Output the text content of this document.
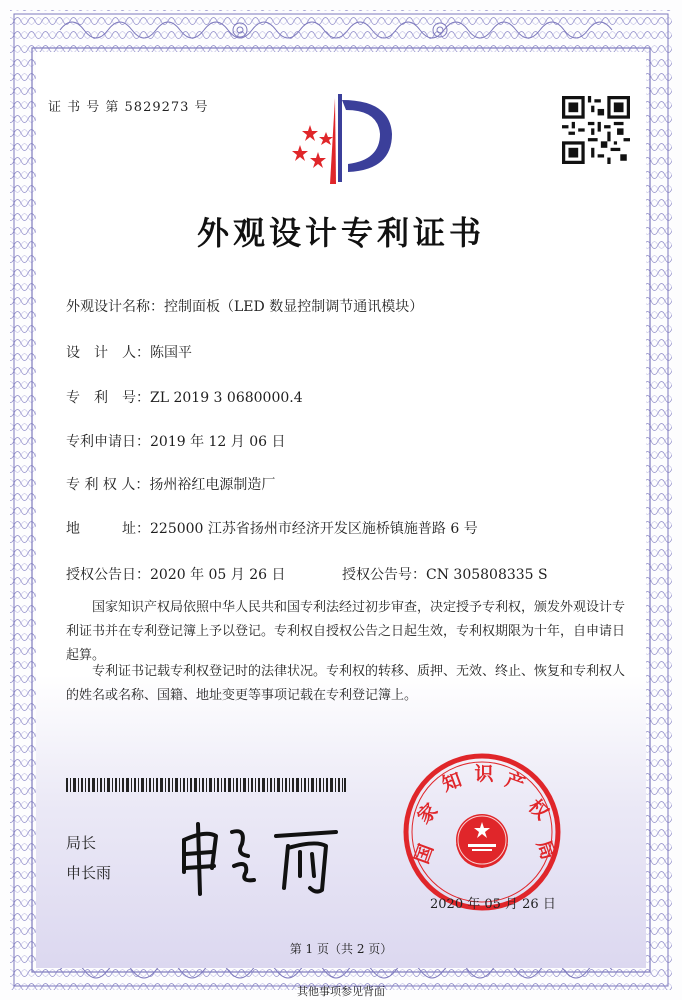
证 书 号 第 5829273 号
外观设计专利证书
外观设计名称：控制面板（LED 数显控制调节通讯模块）
设　计　人：陈国平
专　利　号：ZL 2019 3 0680000.4
专利申请日：2019 年 12 月 06 日
专 利 权 人：扬州裕红电源制造厂
地　　　址：225000 江苏省扬州市经济开发区施桥镇施普路 6 号
授权公告日：2020 年 05 月 26 日	授权公告号：CN 305808335 S
国家知识产权局依照中华人民共和国专利法经过初步审查，决定授予专利权，颁发外观设计专利证书并在专利登记簿上予以登记。专利权自授权公告之日起生效，专利权期限为十年，自申请日起算。
专利证书记载专利权登记时的法律状况。专利权的转移、质押、无效、终止、恢复和专利权人的姓名或名称、国籍、地址变更等事项记载在专利登记簿上。
局长
申长雨
国
家
知 识 产
权
局
2020 年 05 月 26 日
第 1 页（共 2 页）
其他事项参见背面
